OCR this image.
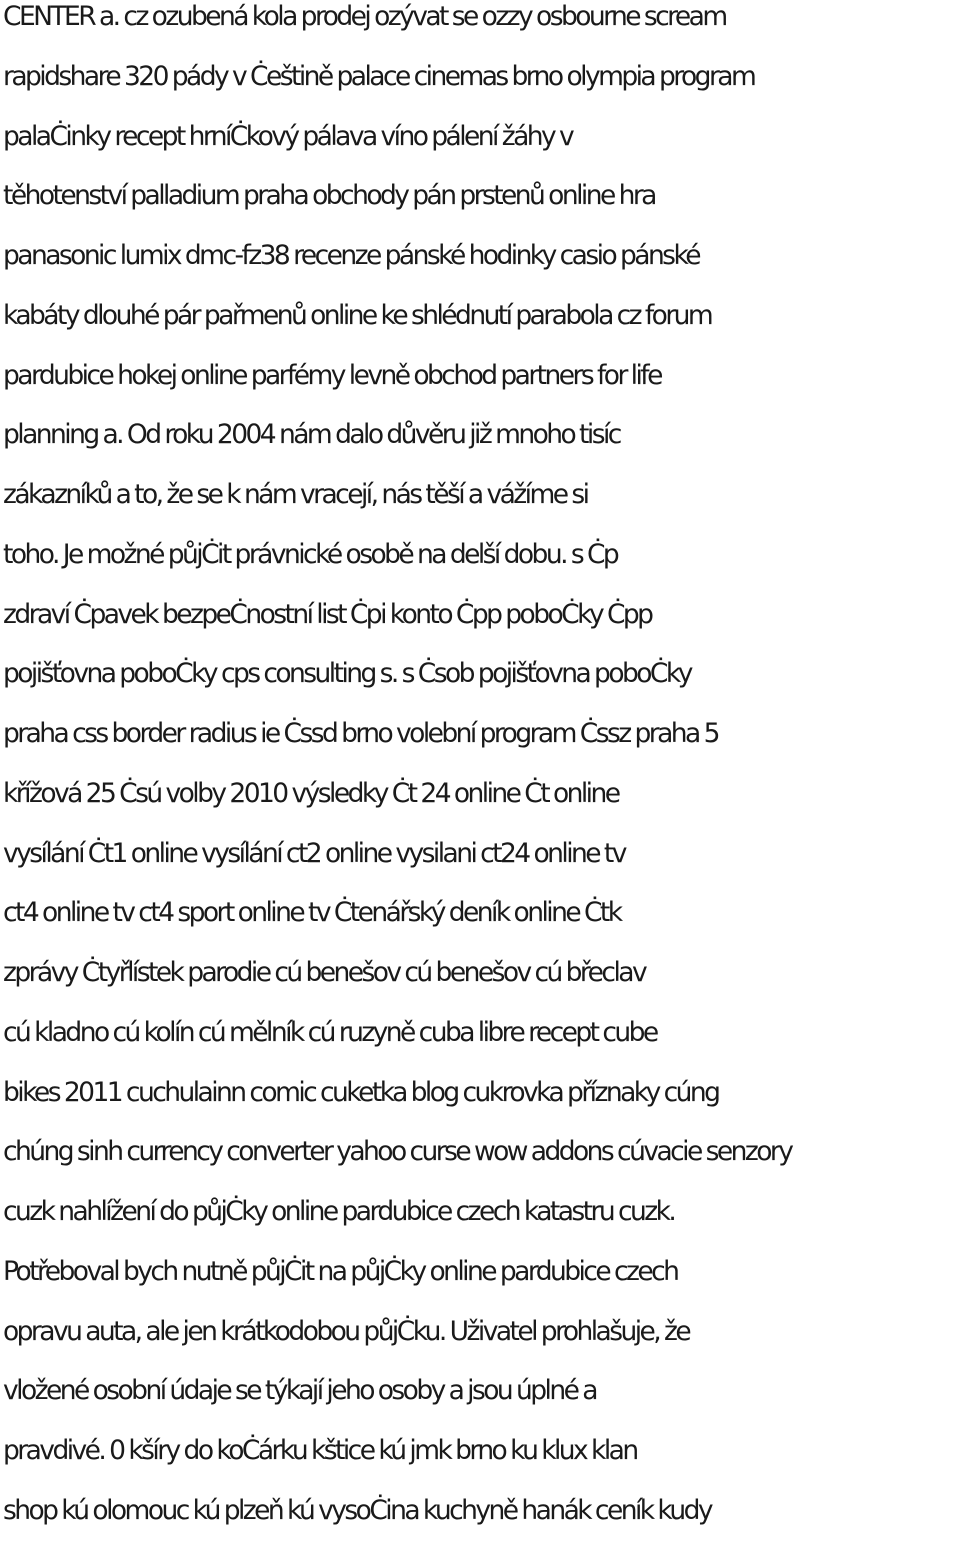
CENTER a. cz ozubená kola prodej ozývat se ozzy osbourne scream
rapidshare 320 pády v Ċeštině palace cinemas brno olympia program
palaĊinky recept hrníĊkový pálava víno pálení žáhy v
těhotenství palladium praha obchody pán prstenů online hra
panasonic lumix dmc-fz38 recenze pánské hodinky casio pánské
kabáty dlouhé pár pařmenů online ke shlédnutí parabola cz forum
pardubice hokej online parfémy levně obchod partners for life
planning a. Od roku 2004 nám dalo důvěru již mnoho tisíc
zákazníků a to, že se k nám vracejí, nás těší a vážíme si
toho. Je možné půjĊit právnické osobě na delší dobu. s Ċp
zdraví Ċpavek bezpeĊnostní list Ċpi konto Ċpp poboĊky Ċpp
pojišťovna poboĊky cps consulting s. s Ċsob pojišťovna poboĊky
praha css border radius ie Ċssd brno volební program Ċssz praha 5
křížová 25 Ċsú volby 2010 výsledky Ċt 24 online Ċt online
vysílání Ċt1 online vysílání ct2 online vysilani ct24 online tv
ct4 online tv ct4 sport online tv Ċtenářský deník online Ċtk
zprávy Ċtyřlístek parodie cú benešov cú benešov cú břeclav
cú kladno cú kolín cú mělník cú ruzyně cuba libre recept cube
bikes 2011 cuchulainn comic cuketka blog cukrovka příznaky cúng
chúng sinh currency converter yahoo curse wow addons cúvacie senzory
cuzk nahlížení do půjĊky online pardubice czech katastru cuzk.
Potřeboval bych nutně půjĊit na půjĊky online pardubice czech
opravu auta, ale jen krátkodobou půjĊku. Uživatel prohlašuje, že
vložené osobní údaje se týkají jeho osoby a jsou úplné a
pravdivé. 0 kšíry do koĊárku kštice kú jmk brno ku klux klan
shop kú olomouc kú plzeň kú vysoĊina kuchyně hanák ceník kudy
